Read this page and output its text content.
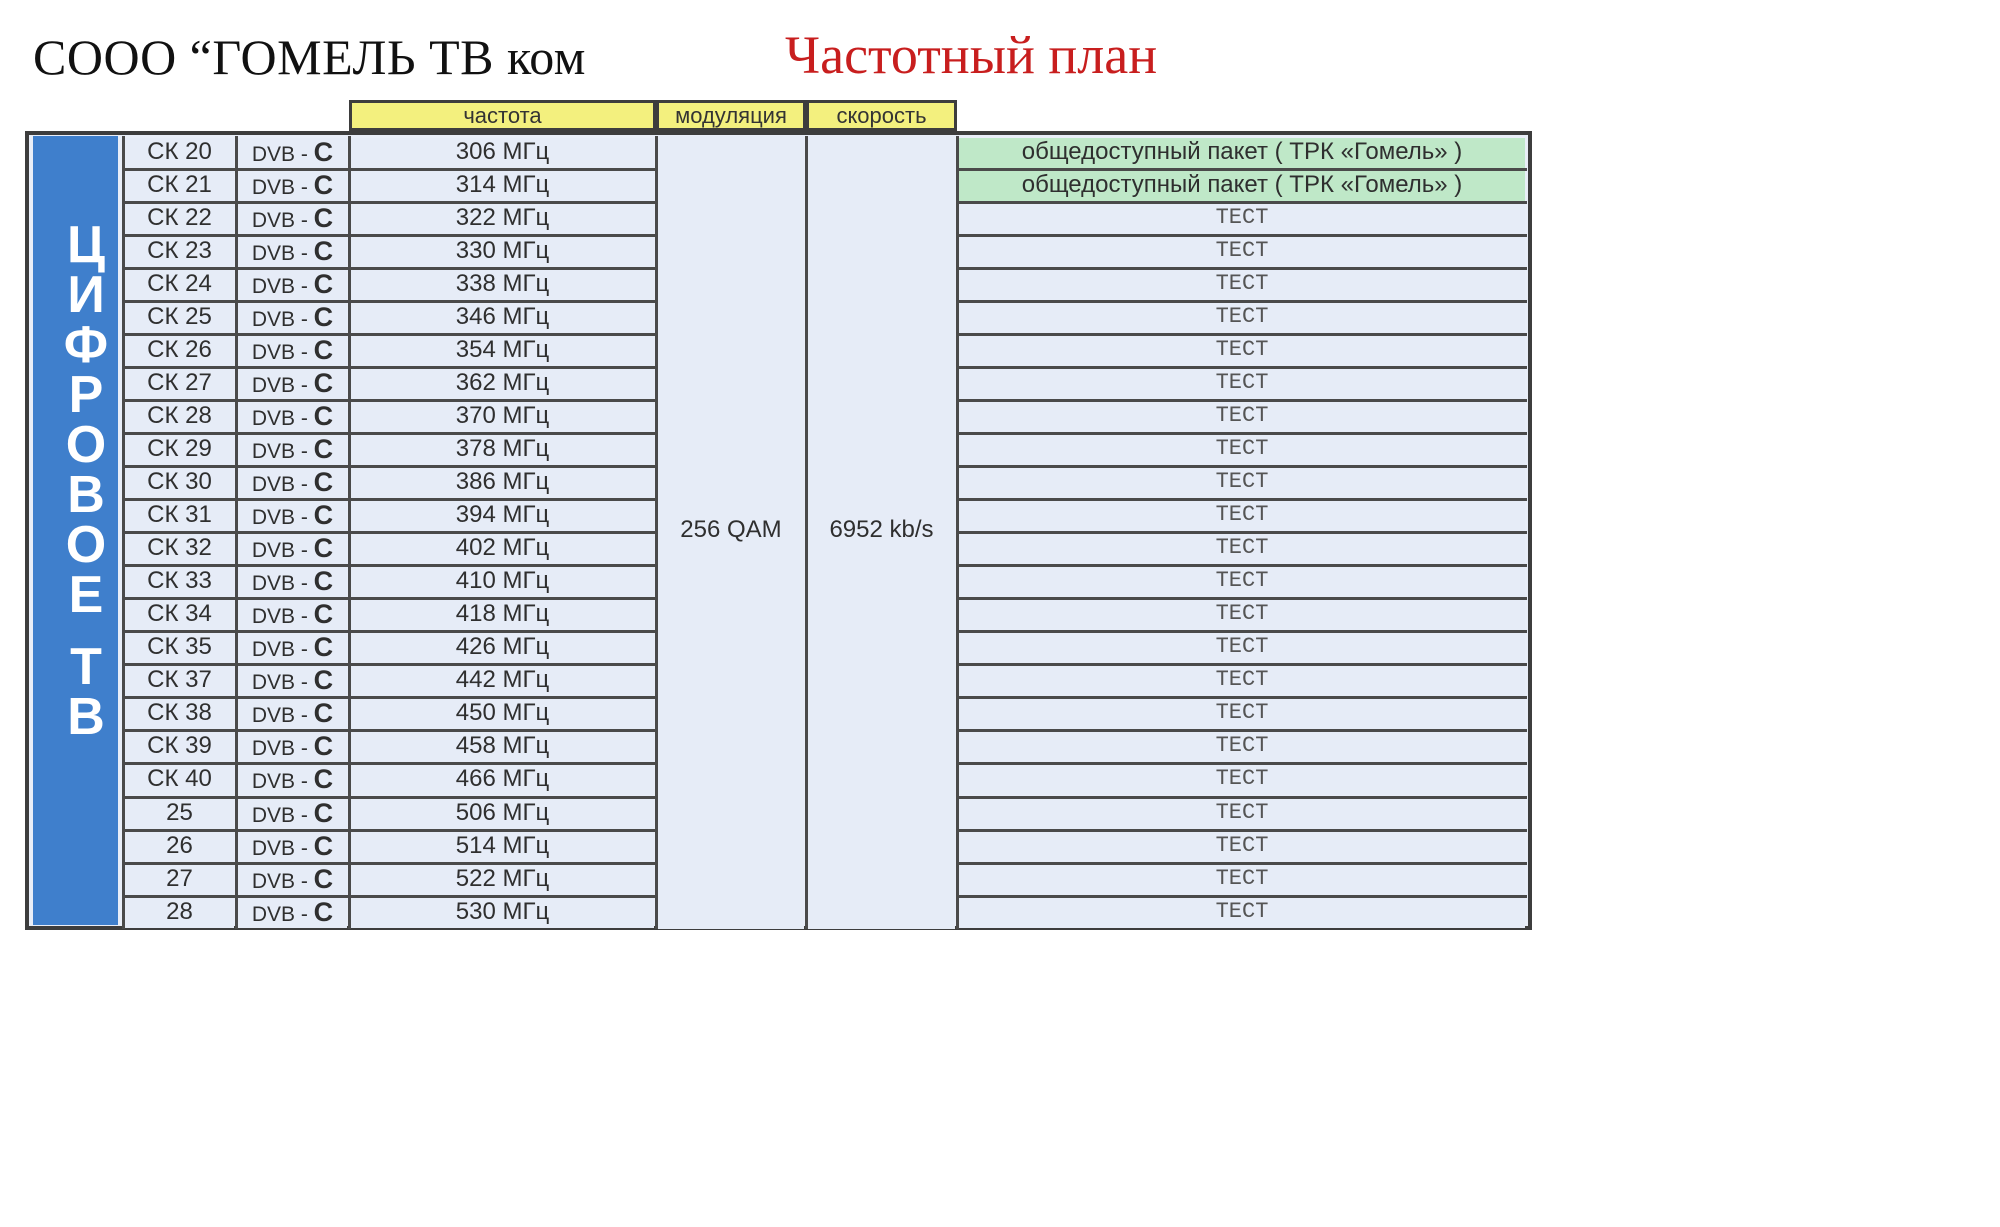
СООО “ГОМЕЛЬ ТВ ком	Частотный план
частота	модуляция	скорость
Ц
И
Ф
Р
О
В
О
Е
Т
В
СК 20	DVB - C	306 МГц	общедоступный пакет ( ТРК «Гомель» )
СК 21	DVB - C	314 МГц	общедоступный пакет ( ТРК «Гомель» )
СК 22	DVB - C	322 МГц	ТЕСТ
СК 23	DVB - C	330 МГц	ТЕСТ
СК 24	DVB - C	338 МГц	ТЕСТ
СК 25	DVB - C	346 МГц	ТЕСТ
СК 26	DVB - C	354 МГц	ТЕСТ
СК 27	DVB - C	362 МГц	ТЕСТ
СК 28	DVB - C	370 МГц	ТЕСТ
СК 29	DVB - C	378 МГц	ТЕСТ
СК 30	DVB - C	386 МГц	ТЕСТ
СК 31	DVB - C	394 МГц	ТЕСТ
СК 32	DVB - C	402 МГц	ТЕСТ
СК 33	DVB - C	410 МГц	ТЕСТ
СК 34	DVB - C	418 МГц	ТЕСТ
СК 35	DVB - C	426 МГц	ТЕСТ
СК 37	DVB - C	442 МГц	ТЕСТ
СК 38	DVB - C	450 МГц	ТЕСТ
СК 39	DVB - C	458 МГц	ТЕСТ
СК 40	DVB - C	466 МГц	ТЕСТ
25	DVB - C	506 МГц	ТЕСТ
26	DVB - C	514 МГц	ТЕСТ
27	DVB - C	522 МГц	ТЕСТ
28	DVB - C	530 МГц	ТЕСТ
256 QAM	6952 kb/s
